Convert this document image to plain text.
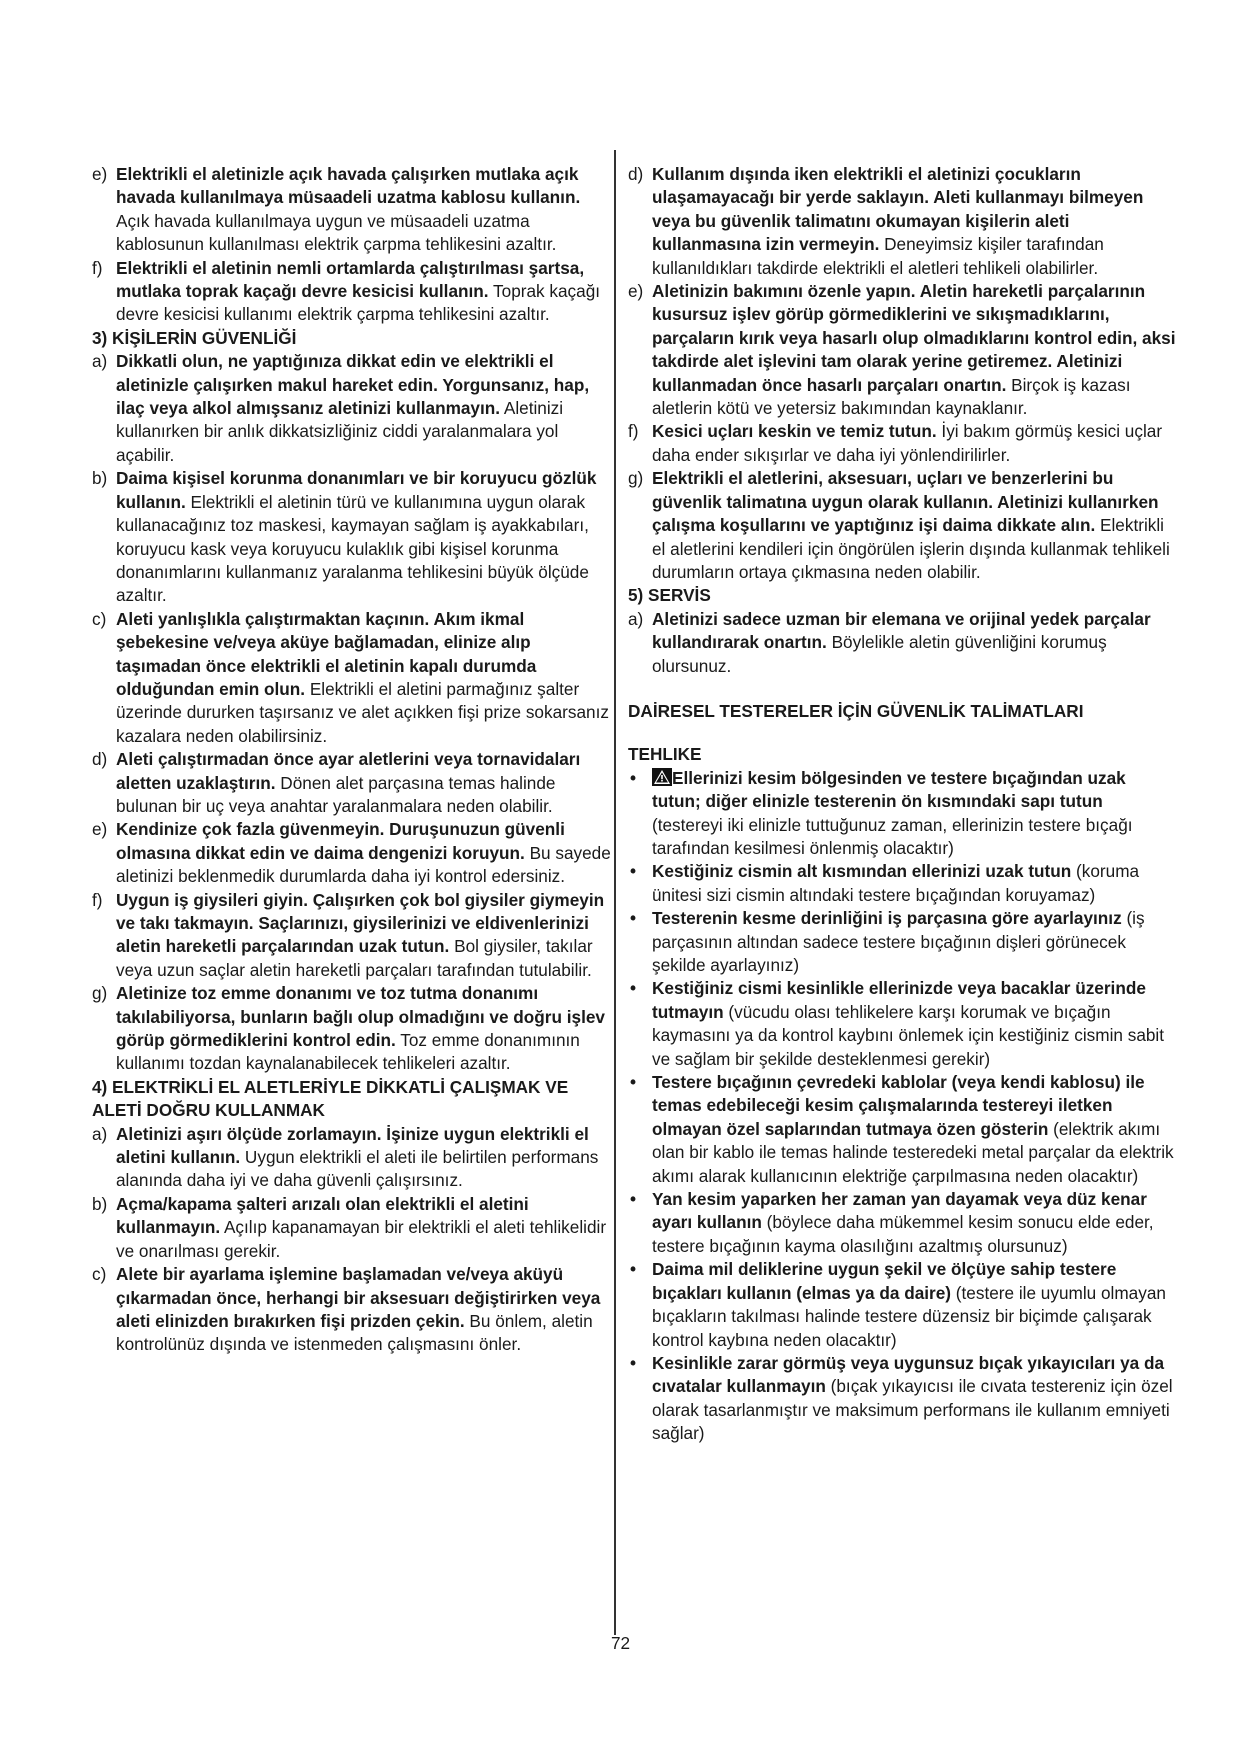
e) Elektrikli el aletinizle açık havada çalışırken mutlaka açık havada kullanılmaya müsaadeli uzatma kablosu kullanın. Açık havada kullanılmaya uygun ve müsaadeli uzatma kablosunun kullanılması elektrik çarpma tehlikesini azaltır.
f) Elektrikli el aletinin nemli ortamlarda çalıştırılması şartsa, mutlaka toprak kaçağı devre kesicisi kullanın. Toprak kaçağı devre kesicisi kullanımı elektrik çarpma tehlikesini azaltır.
3) KİŞİLERİN GÜVENLİĞİ
a) Dikkatli olun, ne yaptığınıza dikkat edin ve elektrikli el aletinizle çalışırken makul hareket edin. Yorgunsanız, hap, ilaç veya alkol almışsanız aletinizi kullanmayın. Aletinizi kullanırken bir anlık dikkatsizliğiniz ciddi yaralanmalara yol açabilir.
b) Daima kişisel korunma donanımları ve bir koruyucu gözlük kullanın. Elektrikli el aletinin türü ve kullanımına uygun olarak kullanacağınız toz maskesi, kaymayan sağlam iş ayakkabıları, koruyucu kask veya koruyucu kulaklık gibi kişisel korunma donanımlarını kullanmanız yaralanma tehlikesini büyük ölçüde azaltır.
c) Aleti yanlışlıkla çalıştırmaktan kaçının. Akım ikmal şebekesine ve/veya aküye bağlamadan, elinize alıp taşımadan önce elektrikli el aletinin kapalı durumda olduğundan emin olun. Elektrikli el aletini parmağınız şalter üzerinde dururken taşırsanız ve alet açıkken fişi prize sokarsanız kazalara neden olabilirsiniz.
d) Aleti çalıştırmadan önce ayar aletlerini veya tornavidaları aletten uzaklaştırın. Dönen alet parçasına temas halinde bulunan bir uç veya anahtar yaralanmalara neden olabilir.
e) Kendinize çok fazla güvenmeyin. Duruşunuzun güvenli olmasına dikkat edin ve daima dengenizi koruyun. Bu sayede aletinizi beklenmedik durumlarda daha iyi kontrol edersiniz.
f) Uygun iş giysileri giyin. Çalışırken çok bol giysiler giymeyin ve takı takmayın. Saçlarınızı, giysilerinizi ve eldivenlerinizi aletin hareketli parçalarından uzak tutun. Bol giysiler, takılar veya uzun saçlar aletin hareketli parçaları tarafından tutulabilir.
g) Aletinize toz emme donanımı ve toz tutma donanımı takılabiliyorsa, bunların bağlı olup olmadığını ve doğru işlev görüp görmediklerini kontrol edin. Toz emme donanımının kullanımı tozdan kaynalanabilecek tehlikeleri azaltır.
4) ELEKTRİKLİ EL ALETLERİYLE DİKKATLİ ÇALIŞMAK VE ALETİ DOĞRU KULLANMAK
a) Aletinizi aşırı ölçüde zorlamayın. İşinize uygun elektrikli el aletini kullanın. Uygun elektrikli el aleti ile belirtilen performans alanında daha iyi ve daha güvenli çalışırsınız.
b) Açma/kapama şalteri arızalı olan elektrikli el aletini kullanmayın. Açılıp kapanamayan bir elektrikli el aleti tehlikelidir ve onarılması gerekir.
c) Alete bir ayarlama işlemine başlamadan ve/veya aküyü çıkarmadan önce, herhangi bir aksesuarı değiştirirken veya aleti elinizden bırakırken fişi prizden çekin. Bu önlem, aletin kontrolünüz dışında ve istenmeden çalışmasını önler.
d) Kullanım dışında iken elektrikli el aletinizi çocukların ulaşamayacağı bir yerde saklayın. Aleti kullanmayı bilmeyen veya bu güvenlik talimatını okumayan kişilerin aleti kullanmasına izin vermeyin. Deneyimsiz kişiler tarafından kullanıldıkları takdirde elektrikli el aletleri tehlikeli olabilirler.
e) Aletinizin bakımını özenle yapın. Aletin hareketli parçalarının kusursuz işlev görüp görmediklerini ve sıkışmadıklarını, parçaların kırık veya hasarlı olup olmadıklarını kontrol edin, aksi takdirde alet işlevini tam olarak yerine getiremez. Aletinizi kullanmadan önce hasarlı parçaları onartın. Birçok iş kazası aletlerin kötü ve yetersiz bakımından kaynaklanır.
f) Kesici uçları keskin ve temiz tutun. İyi bakım görmüş kesici uçlar daha ender sıkışırlar ve daha iyi yönlendirilirler.
g) Elektrikli el aletlerini, aksesuarı, uçları ve benzerlerini bu güvenlik talimatına uygun olarak kullanın. Aletinizi kullanırken çalışma koşullarını ve yaptığınız işi daima dikkate alın. Elektrikli el aletlerini kendileri için öngörülen işlerin dışında kullanmak tehlikeli durumların ortaya çıkmasına neden olabilir.
5) SERVİS
a) Aletinizi sadece uzman bir elemana ve orijinal yedek parçalar kullandırarak onartın. Böylelikle aletin güvenliğini korumuş olursunuz.
DAİRESEL TESTERELER İÇİN GÜVENLİK TALİMATLARI
TEHLIKE
• Ellerinizi kesim bölgesinden ve testere bıçağından uzak tutun; diğer elinizle testerenin ön kısmındaki sapı tutun (testereyi iki elinizle tuttuğunuz zaman, ellerinizin testere bıçağı tarafından kesilmesi önlenmiş olacaktır)
• Kestiğiniz cismin alt kısmından ellerinizi uzak tutun (koruma ünitesi sizi cismin altındaki testere bıçağından koruyamaz)
• Testerenin kesme derinliğini iş parçasına göre ayarlayınız (iş parçasının altından sadece testere bıçağının dişleri görünecek şekilde ayarlayınız)
• Kestiğiniz cismi kesinlikle ellerinizde veya bacaklar üzerinde tutmayın (vücudu olası tehlikelere karşı korumak ve bıçağın kaymasını ya da kontrol kaybını önlemek için kestiğiniz cismin sabit ve sağlam bir şekilde desteklenmesi gerekir)
• Testere bıçağının çevredeki kablolar (veya kendi kablosu) ile temas edebileceği kesim çalışmalarında testereyi iletken olmayan özel saplarından tutmaya özen gösterin (elektrik akımı olan bir kablo ile temas halinde testeredeki metal parçalar da elektrik akımı alarak kullanıcının elektriğe çarpılmasına neden olacaktır)
• Yan kesim yaparken her zaman yan dayamak veya düz kenar ayarı kullanın (böylece daha mükemmel kesim sonucu elde eder, testere bıçağının kayma olasılığını azaltmış olursunuz)
• Daima mil deliklerine uygun şekil ve ölçüye sahip testere bıçakları kullanın (elmas ya da daire) (testere ile uyumlu olmayan bıçakların takılması halinde testere düzensiz bir biçimde çalışarak kontrol kaybına neden olacaktır)
• Kesinlikle zarar görmüş veya uygunsuz bıçak yıkayıcıları ya da cıvatalar kullanmayın (bıçak yıkayıcısı ile cıvata testereniz için özel olarak tasarlanmıştır ve maksimum performans ile kullanım emniyeti sağlar)
72
